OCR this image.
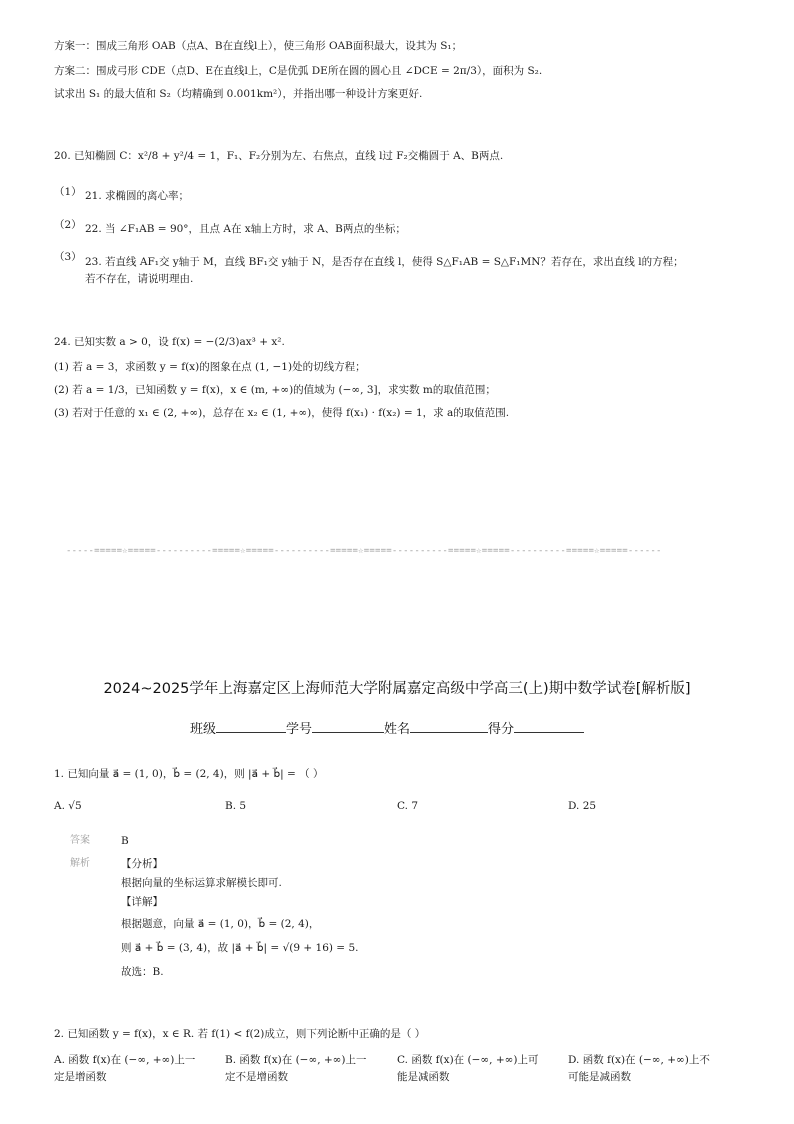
方案一：围成三角形 OAB（点A、B在直线l上），使三角形 OAB面积最大，设其为 S₁；
方案二：围成弓形 CDE（点D、E在直线l上，C是优弧 DE所在圆的圆心且 ∠DCE = 2π/3），面积为 S₂.
试求出 S₁ 的最大值和 S₂（均精确到 0.001km²），并指出哪一种设计方案更好.
20. 已知椭圆 C：x²/8 + y²/4 = 1，F₁、F₂分别为左、右焦点，直线 l过 F₂交椭圆于 A、B两点.
（1） 21. 求椭圆的离心率；
（2） 22. 当 ∠F₁AB = 90°，且点 A在 x轴上方时，求 A、B两点的坐标；
（3） 23. 若直线 AF₁交 y轴于 M，直线 BF₁交 y轴于 N，是否存在直线 l，使得 S△F₁AB = S△F₁MN？若存在，求出直线 l的方程；
若不存在，请说明理由.
24. 已知实数 a > 0，设 f(x) = −(2/3)ax³ + x².
(1) 若 a = 3，求函数 y = f(x)的图象在点 (1, −1)处的切线方程；
(2) 若 a = 1/3，已知函数 y = f(x)，x ∈ (m, +∞)的值域为 (−∞, 3]，求实数 m的取值范围；
(3) 若对于任意的 x₁ ∈ (2, +∞)，总存在 x₂ ∈ (1, +∞)，使得 f(x₁) · f(x₂) = 1，求 a的取值范围.
-----=====☆=====----------=====☆=====----------=====☆=====----------=====☆=====----------=====☆=====------
2024~2025学年上海嘉定区上海师范大学附属嘉定高级中学高三(上)期中数学试卷[解析版]
班级	学号	姓名	得分
1. 已知向量 a⃗ = (1, 0)，b⃗ = (2, 4)，则 |a⃗ + b⃗| = （ ）
A. √5	B. 5	C. 7	D. 25
答案	B
解析	【分析】
根据向量的坐标运算求解模长即可.
【详解】
根据题意，向量 a⃗ = (1, 0)，b⃗ = (2, 4)，
则 a⃗ + b⃗ = (3, 4)，故 |a⃗ + b⃗| = √(9 + 16) = 5.
故选：B.
2. 已知函数 y = f(x)，x ∈ R. 若 f(1) < f(2)成立，则下列论断中正确的是（ ）
A. 函数 f(x)在 (−∞, +∞)上一定是增函数
B. 函数 f(x)在 (−∞, +∞)上一定不是增函数
C. 函数 f(x)在 (−∞, +∞)上可能是减函数
D. 函数 f(x)在 (−∞, +∞)上不可能是减函数
